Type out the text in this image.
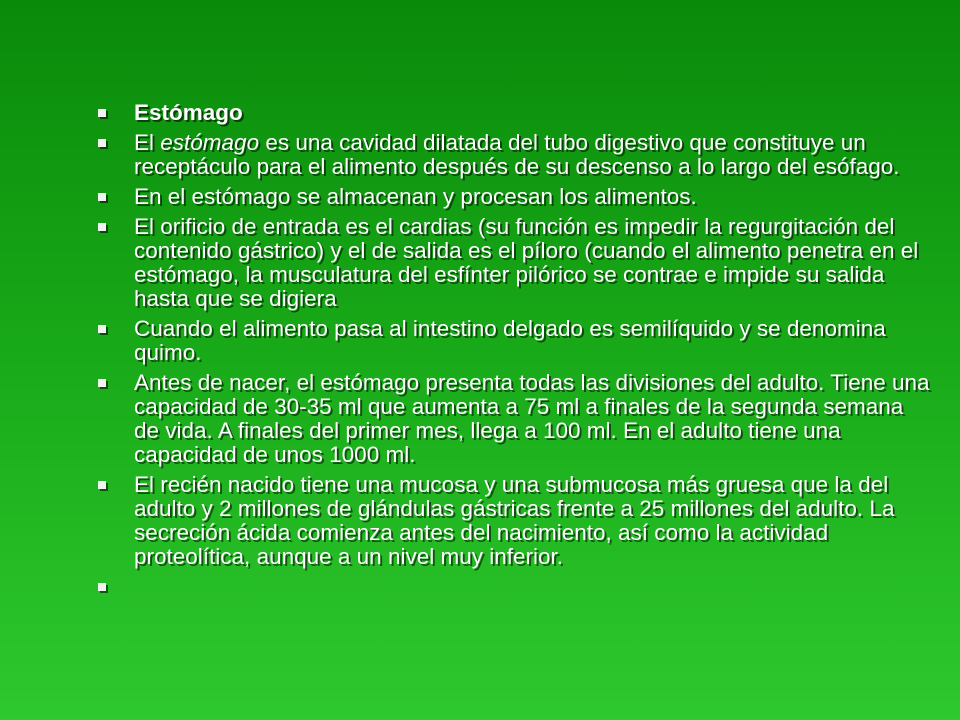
Estómago
El estómago es una cavidad dilatada del tubo digestivo que constituye un receptáculo para el alimento después de su descenso a lo largo del esófago.
En el estómago se almacenan y procesan los alimentos.
El orificio de entrada es el cardias (su función es impedir la regurgitación del contenido gástrico) y el de salida es el píloro (cuando el alimento penetra en el estómago, la musculatura del esfínter pilórico se contrae e impide su salida hasta que se digiera
Cuando el alimento pasa al intestino delgado es semilíquido y se denomina quimo.
Antes de nacer, el estómago presenta todas las divisiones del adulto. Tiene una capacidad de 30-35 ml que aumenta a 75 ml a finales de la segunda semana de vida. A finales del primer mes, llega a 100 ml. En el adulto tiene una capacidad de unos 1000 ml.
El recién nacido tiene una mucosa y una submucosa más gruesa que la del adulto y 2 millones de glándulas gástricas frente a 25 millones del adulto. La secreción ácida comienza antes del nacimiento, así como la actividad proteolítica, aunque a un nivel muy inferior.
